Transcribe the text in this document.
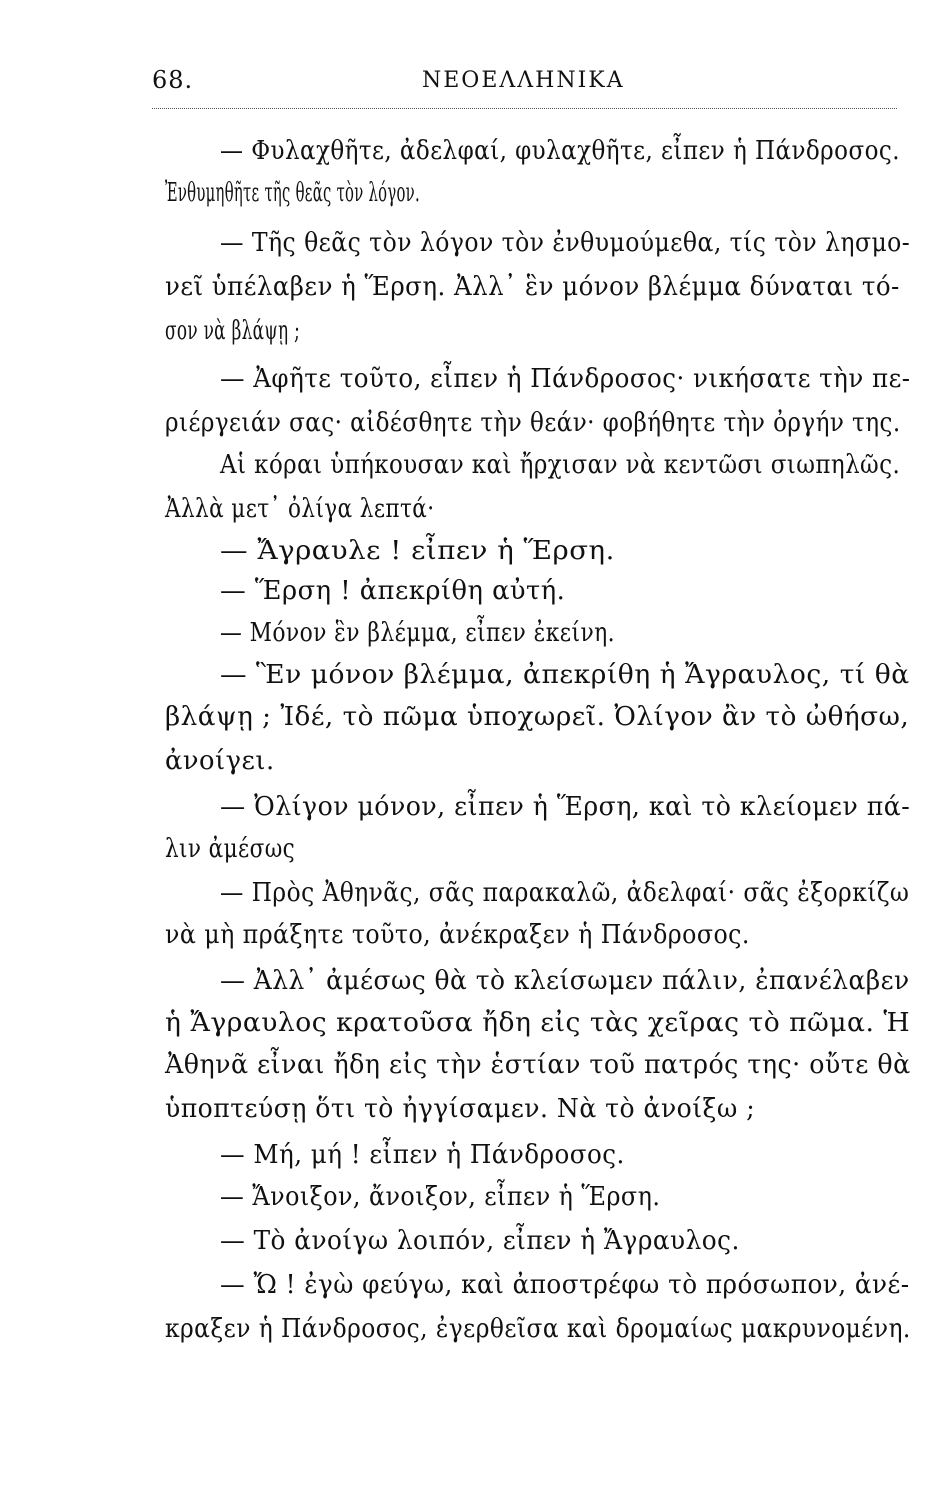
68.	ΝΕΟΕΛΛΗΝΙΚΑ
— Φυλαχθῆτε, ἀδελφαί, φυλαχθῆτε, εἶπεν ἡ Πάνδροσος.
Ἐνθυμηθῆτε τῆς θεᾶς τὸν λόγον.
— Τῆς θεᾶς τὸν λόγον τὸν ἐνθυμούμεθα, τίς τὸν λησμο-
νεῖ ὑπέλαβεν ἡ Ἕρση. Ἀλλ᾽ ἓν μόνον βλέμμα δύναται τό-
σον νὰ βλάψῃ ;
— Ἀφῆτε τοῦτο, εἶπεν ἡ Πάνδροσος· νικήσατε τὴν πε-
ριέργειάν σας· αἰδέσθητε τὴν θεάν· φοβήθητε τὴν ὀργήν της.
Αἱ κόραι ὑπήκουσαν καὶ ἤρχισαν νὰ κεντῶσι σιωπηλῶς.
Ἀλλὰ μετ᾽ ὀλίγα λεπτά·
— Ἄγραυλε ! εἶπεν ἡ Ἕρση.
— Ἕρση ! ἀπεκρίθη αὐτή.
— Μόνον ἓν βλέμμα, εἶπεν ἐκείνη.
— Ἓν μόνον βλέμμα, ἀπεκρίθη ἡ Ἄγραυλος, τί θὰ
βλάψῃ ; Ἰδέ, τὸ πῶμα ὑποχωρεῖ. Ὀλίγον ἂν τὸ ὠθήσω,
ἀνοίγει.
— Ὀλίγον μόνον, εἶπεν ἡ Ἕρση, καὶ τὸ κλείομεν πά-
λιν ἀμέσως
— Πρὸς Ἀθηνᾶς, σᾶς παρακαλῶ, ἀδελφαί· σᾶς ἐξορκίζω
νὰ μὴ πράξητε τοῦτο, ἀνέκραξεν ἡ Πάνδροσος.
— Ἀλλ᾽ ἀμέσως θὰ τὸ κλείσωμεν πάλιν, ἐπανέλαβεν
ἡ Ἄγραυλος κρατοῦσα ἤδη εἰς τὰς χεῖρας τὸ πῶμα. Ἡ
Ἀθηνᾶ εἶναι ἤδη εἰς τὴν ἑστίαν τοῦ πατρός της· οὔτε θὰ
ὑποπτεύσῃ ὅτι τὸ ἠγγίσαμεν. Νὰ τὸ ἀνοίξω ;
— Μή, μή ! εἶπεν ἡ Πάνδροσος.
— Ἄνοιξον, ἄνοιξον, εἶπεν ἡ Ἕρση.
— Τὸ ἀνοίγω λοιπόν, εἶπεν ἡ Ἄγραυλος.
— Ὤ ! ἐγὼ φεύγω, καὶ ἀποστρέφω τὸ πρόσωπον, ἀνέ-
κραξεν ἡ Πάνδροσος, ἐγερθεῖσα καὶ δρομαίως μακρυνομένη.
